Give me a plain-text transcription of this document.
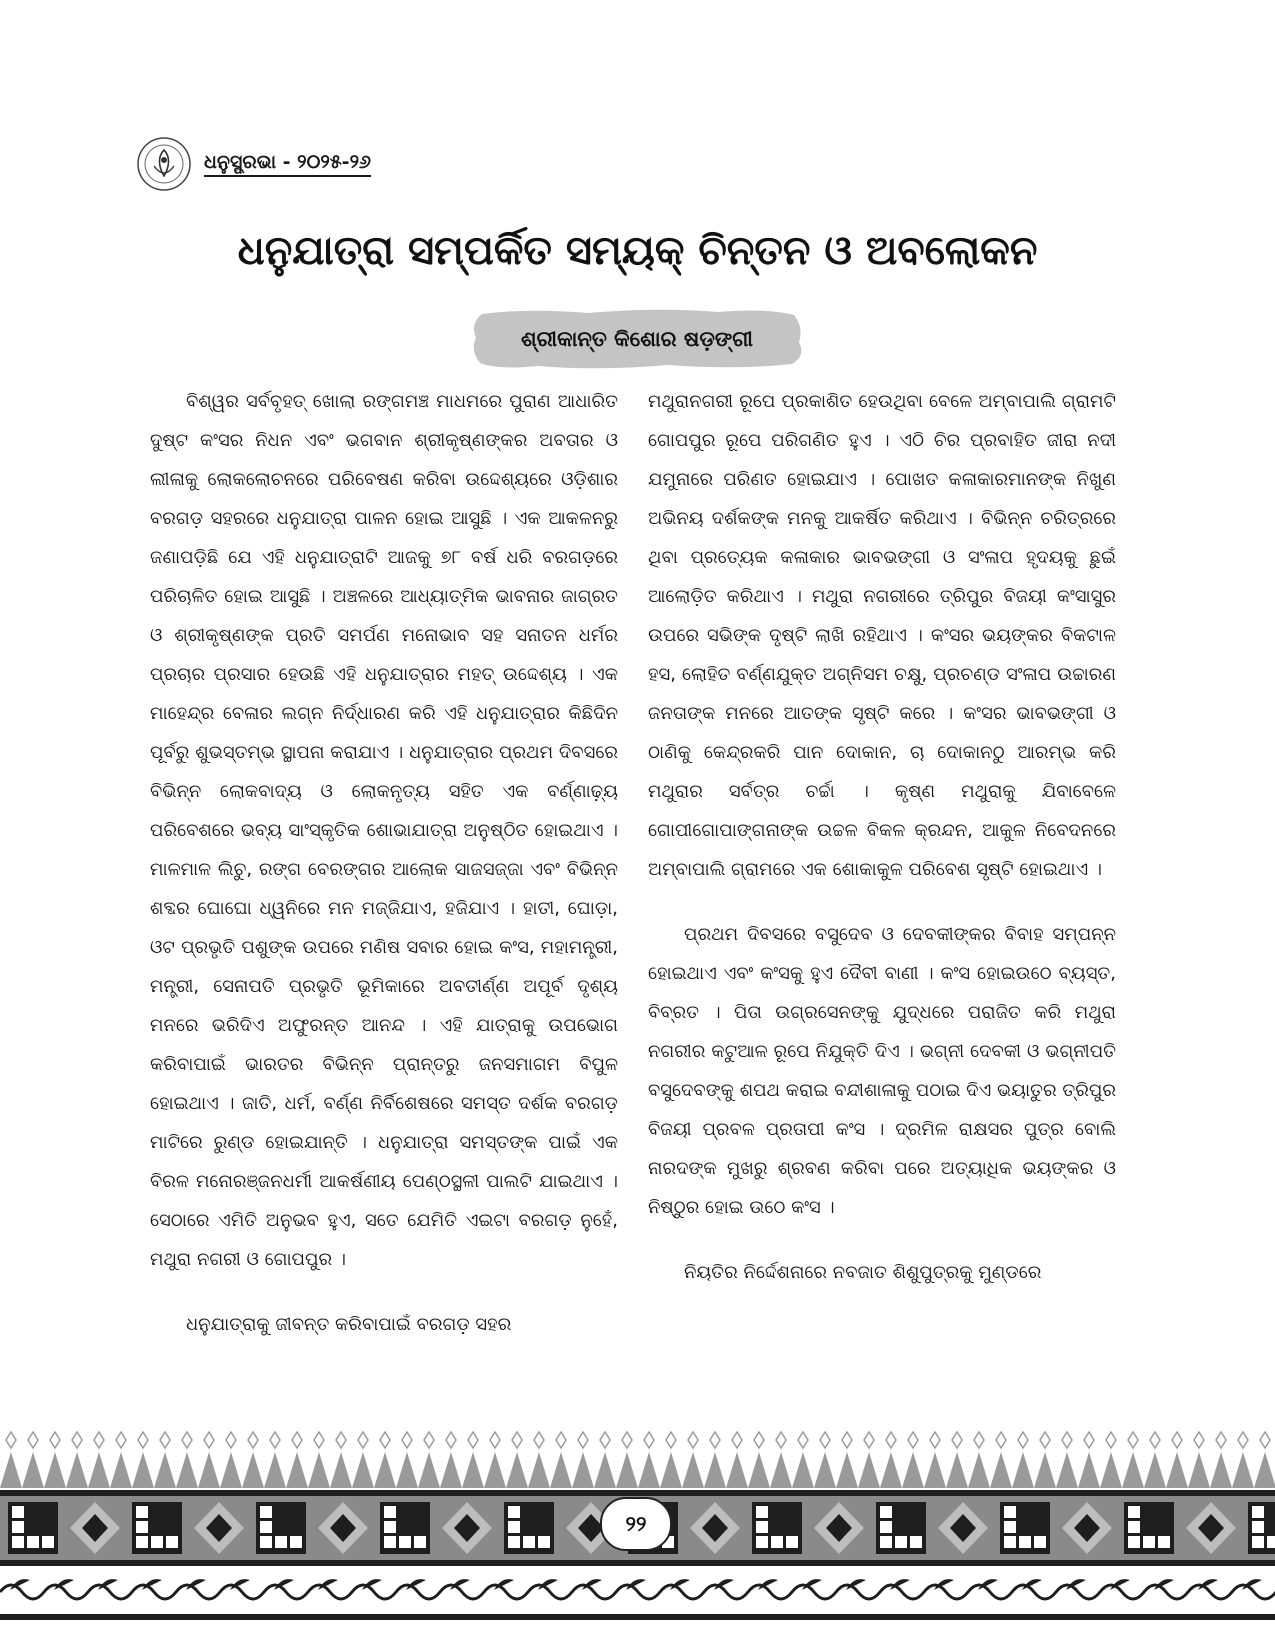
ଧନୁସ୍ପ୍ରଭା - ୨୦୨୫-୨୬
ଧନୁଯାତ୍ରା ସମ୍ପର୍କିତ ସମ୍ୟକ୍ ଚିନ୍ତନ ଓ ଅବଲୋକନ
ଶ୍ରୀକାନ୍ତ କିଶୋର ଷଡ଼ଙ୍ଗୀ

ବିଶ୍ୱର ସର୍ବବୃହତ୍ ଖୋଲା ରଙ୍ଗମଞ୍ଚ ମାଧମରେ ପୁରାଣ ଆଧାରିତ ଦୁଷ୍ଟ କଂସର ନିଧନ ଏବଂ ଭଗବାନ ଶ୍ରୀକୃଷ୍ଣଙ୍କର ଅବତାର ଓ ଲୀଳାକୁ ଲୋକଲୋଚନରେ ପରିବେଷଣ କରିବା ଉଦ୍ଦେଶ୍ୟରେ ଓଡ଼ିଶାର ବରଗଡ଼ ସହରରେ ଧନୁଯାତ୍ରା ପାଳନ ହୋଇ ଆସୁଛି । ଏକ ଆକଳନରୁ ଜଣାପଡ଼ିଛି ଯେ ଏହି ଧନୁଯାତ୍ରାଟି ଆଜକୁ ୭୮ ବର୍ଷ ଧରି ବରଗଡ଼ରେ ପରିଚାଳିତ ହୋଇ ଆସୁଛି । ଅଞ୍ଚଳରେ ଆଧ୍ୟାତ୍ମିକ ଭାବନାର ଜାଗ୍ରତ ଓ ଶ୍ରୀକୃଷ୍ଣଙ୍କ ପ୍ରତି ସମର୍ପଣ ମନୋଭାବ ସହ ସନାତନ ଧର୍ମର ପ୍ରଚାର ପ୍ରସାର ହେଉଛି ଏହି ଧନୁଯାତ୍ରାର ମହତ୍ ଉଦ୍ଦେଶ୍ୟ । ଏକ ମାହେନ୍ଦ୍ର ବେଳାର ଲଗ୍ନ ନିର୍ଦ୍ଧାରଣ କରି ଏହି ଧନୁଯାତ୍ରାର କିଛିଦିନ ପୂର୍ବରୁ ଶୁଭସ୍ତମ୍ଭ ସ୍ଥାପନା କରାଯାଏ । ଧନୁଯାତ୍ରାର ପ୍ରଥମ ଦିବସରେ ବିଭିନ୍ନ ଲୋକବାଦ୍ୟ ଓ ଲୋକନୃତ୍ୟ ସହିତ ଏକ ବର୍ଣ୍ଣାଢ଼୍ୟ ପରିବେଶରେ ଭବ୍ୟ ସାଂସ୍କୃତିକ ଶୋଭାଯାତ୍ରା ଅନୁଷ୍ଠିତ ହୋଇଥାଏ । ମାଳମାଳ ଲିଚୁ, ରଙ୍ଗ ବେରଙ୍ଗର ଆଲୋକ ସାଜସଜ୍ଜା ଏବଂ ବିଭିନ୍ନ ଶବ୍ଦର ଘୋଘୋ ଧ୍ୱନିରେ ମନ ମଜ୍ଜିଯାଏ, ହଜିଯାଏ । ହାତୀ, ଘୋଡ଼ା, ଓଟ ପ୍ରଭୃତି ପଶୁଙ୍କ ଉପରେ ମଣିଷ ସବାର ହୋଇ କଂସ, ମହାମନ୍ତ୍ରୀ, ମନ୍ତ୍ରୀ, ସେନାପତି ପ୍ରଭୃତି ଭୂମିକାରେ ଅବତୀର୍ଣ୍ଣ ଅପୂର୍ବ ଦୃଶ୍ୟ ମନରେ ଭରିଦିଏ ଅଫୁରନ୍ତ ଆନନ୍ଦ । ଏହି ଯାତ୍ରାକୁ ଉପଭୋଗ କରିବାପାଇଁ ଭାରତର ବିଭିନ୍ନ ପ୍ରାନ୍ତରୁ ଜନସମାଗମ ବିପୁଳ ହୋଇଥାଏ । ଜାତି, ଧର୍ମ, ବର୍ଣ୍ଣ ନିର୍ବିଶେଷରେ ସମସ୍ତ ଦର୍ଶକ ବରଗଡ଼ ମାଟିରେ ରୁଣ୍ଡ ହୋଇଯାନ୍ତି । ଧନୁଯାତ୍ରା ସମସ୍ତଙ୍କ ପାଇଁ ଏକ ବିରଳ ମନୋରଞ୍ଜନଧର୍ମୀ ଆକର୍ଷଣୀୟ ପେଣ୍ଠସ୍ଥଳୀ ପାଲଟି ଯାଇଥାଏ । ସେଠାରେ ଏମିତି ଅନୁଭବ ହୁଏ, ସତେ ଯେମିତି ଏଇଟା ବରଗଡ଼ ନୁହେଁ, ମଥୁରା ନଗରୀ ଓ ଗୋପପୁର ।

ଧନୁଯାତ୍ରାକୁ ଜୀବନ୍ତ କରିବାପାଇଁ ବରଗଡ଼ ସହର

ମଥୁରାନଗରୀ ରୂପେ ପ୍ରକାଶିତ ହେଉଥିବା ବେଳେ ଅମ୍ବାପାଲି ଗ୍ରାମଟି ଗୋପପୁର ରୂପେ ପରିଗଣିତ ହୁଏ । ଏଠି ଚିର ପ୍ରବାହିତ ଜୀରା ନଦୀ ଯମୁନାରେ ପରିଣତ ହୋଇଯାଏ । ପୋଖତ କଳାକାରମାନଙ୍କ ନିଖୁଣ ଅଭିନୟ ଦର୍ଶକଙ୍କ ମନକୁ ଆକର୍ଷିତ କରିଥାଏ । ବିଭିନ୍ନ ଚରିତ୍ରରେ ଥିବା ପ୍ରତ୍ୟେକ କଳାକାର ଭାବଭଙ୍ଗୀ ଓ ସଂଳାପ ହୃଦୟକୁ ଛୁଇଁ ଆଲୋଡ଼ିତ କରିଥାଏ । ମଥୁରା ନଗରୀରେ ତ୍ରିପୁର ବିଜୟୀ କଂସାସୁର ଉପରେ ସଭିଙ୍କ ଦୃଷ୍ଟି ଲାଖି ରହିଥାଏ । କଂସର ଭୟଙ୍କର ବିକଟାଳ ହସ, ଲୋହିତ ବର୍ଣ୍ଣଯୁକ୍ତ ଅଗ୍ନିସମ ଚକ୍ଷୁ, ପ୍ରଚଣ୍ଡ ସଂଳାପ ଉଚ୍ଚାରଣ ଜନତାଙ୍କ ମନରେ ଆତଙ୍କ ସୃଷ୍ଟି କରେ । କଂସର ଭାବଭଙ୍ଗୀ ଓ ଠାଣିକୁ କେନ୍ଦ୍ରକରି ପାନ ଦୋକାନ, ଚା ଦୋକାନଠୁ ଆରମ୍ଭ କରି ମଥୁରାର ସର୍ବତ୍ର ଚର୍ଚ୍ଚା । କୃଷ୍ଣ ମଥୁରାକୁ ଯିବାବେଳେ ଗୋପୀଗୋପାଙ୍ଗନାଙ୍କ ଉଚ୍ଚଳ ବିକଳ କ୍ରନ୍ଦନ, ଆକୁଳ ନିବେଦନରେ ଅମ୍ବାପାଲି ଗ୍ରାମରେ ଏକ ଶୋକାକୁଳ ପରିବେଶ ସୃଷ୍ଟି ହୋଇଥାଏ ।

ପ୍ରଥମ ଦିବସରେ ବସୁଦେବ ଓ ଦେବକୀଙ୍କର ବିବାହ ସମ୍ପନ୍ନ ହୋଇଥାଏ ଏବଂ କଂସକୁ ହୁଏ ଦୈବୀ ବାଣୀ । କଂସ ହୋଇଉଠେ ବ୍ୟସ୍ତ, ବିବ୍ରତ । ପିତା ଉଗ୍ରସେନଙ୍କୁ ଯୁଦ୍ଧରେ ପରାଜିତ କରି ମଥୁରା ନଗରୀର କଟୁଆଳ ରୂପେ ନିଯୁକ୍ତି ଦିଏ । ଭଗ୍ନୀ ଦେବକୀ ଓ ଭଗ୍ନୀପତି ବସୁଦେବଙ୍କୁ ଶପଥ କରାଇ ବନ୍ଦୀଶାଳାକୁ ପଠାଇ ଦିଏ ଭୟାତୁର ତ୍ରିପୁର ବିଜୟୀ ପ୍ରବଳ ପ୍ରତାପୀ କଂସ । ଦ୍ରମିଳ ରାକ୍ଷସର ପୁତ୍ର ବୋଲି ନାରଦଙ୍କ ମୁଖରୁ ଶ୍ରବଣ କରିବା ପରେ ଅତ୍ୟାଧିକ ଭୟଙ୍କର ଓ ନିଷ୍ଠୁର ହୋଇ ଉଠେ କଂସ ।

ନିୟତିର ନିର୍ଦ୍ଦେଶନାରେ ନବଜାତ ଶିଶୁପୁତ୍ରକୁ ମୁଣ୍ଡରେ

୨୨
